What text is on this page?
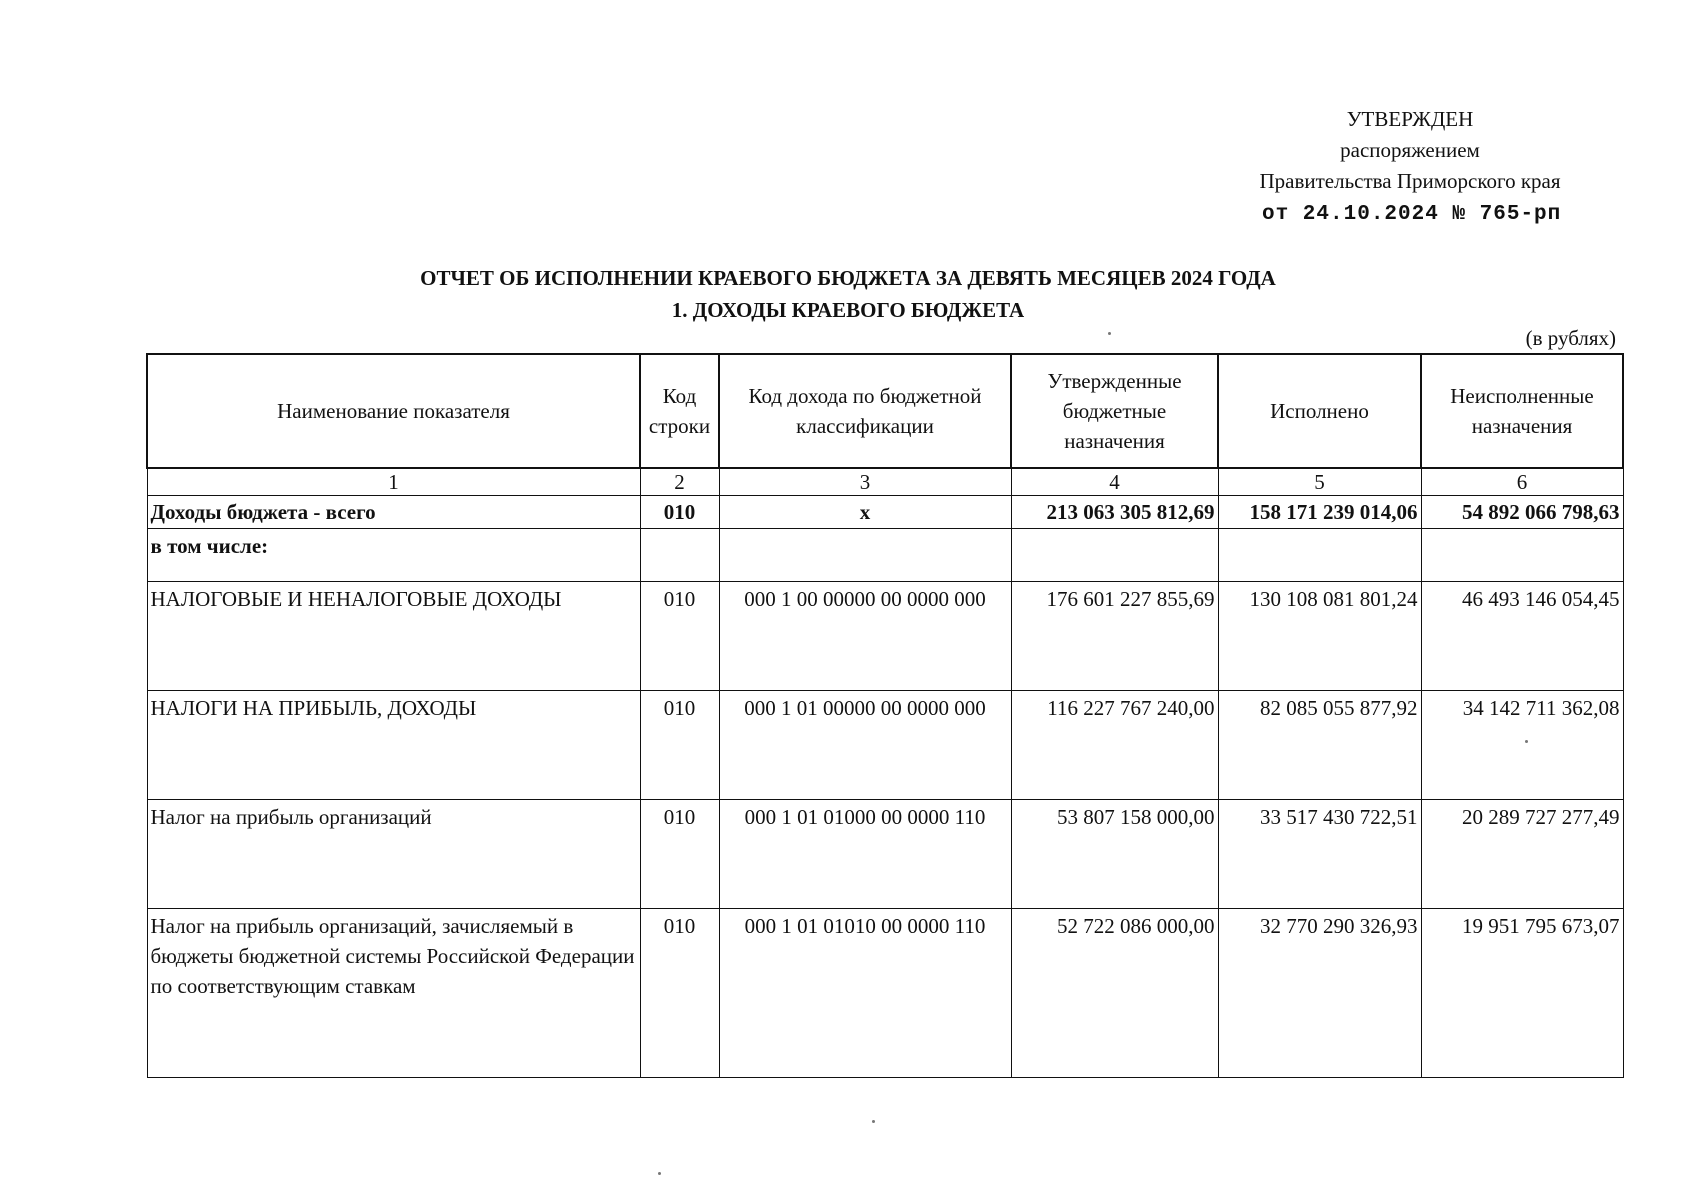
УТВЕРЖДЕН
распоряжением
Правительства Приморского края
от 24.10.2024 № 765-рп
ОТЧЕТ ОБ ИСПОЛНЕНИИ КРАЕВОГО БЮДЖЕТА ЗА ДЕВЯТЬ МЕСЯЦЕВ 2024 ГОДА
1. ДОХОДЫ КРАЕВОГО БЮДЖЕТА
(в рублях)
Наименование показателя	Код строки	Код дохода по бюджетной классификации	Утвержденные бюджетные назначения	Исполнено	Неисполненные назначения
1	2	3	4	5	6
Доходы бюджета - всего	010	x	213 063 305 812,69	158 171 239 014,06	54 892 066 798,63
в том числе:					
НАЛОГОВЫЕ И НЕНАЛОГОВЫЕ ДОХОДЫ	010	000 1 00 00000 00 0000 000	176 601 227 855,69	130 108 081 801,24	46 493 146 054,45
НАЛОГИ НА ПРИБЫЛЬ, ДОХОДЫ	010	000 1 01 00000 00 0000 000	116 227 767 240,00	82 085 055 877,92	34 142 711 362,08
Налог на прибыль организаций	010	000 1 01 01000 00 0000 110	53 807 158 000,00	33 517 430 722,51	20 289 727 277,49
Налог на прибыль организаций, зачисляемый в бюджеты бюджетной системы Российской Федерации по соответствующим ставкам	010	000 1 01 01010 00 0000 110	52 722 086 000,00	32 770 290 326,93	19 951 795 673,07
